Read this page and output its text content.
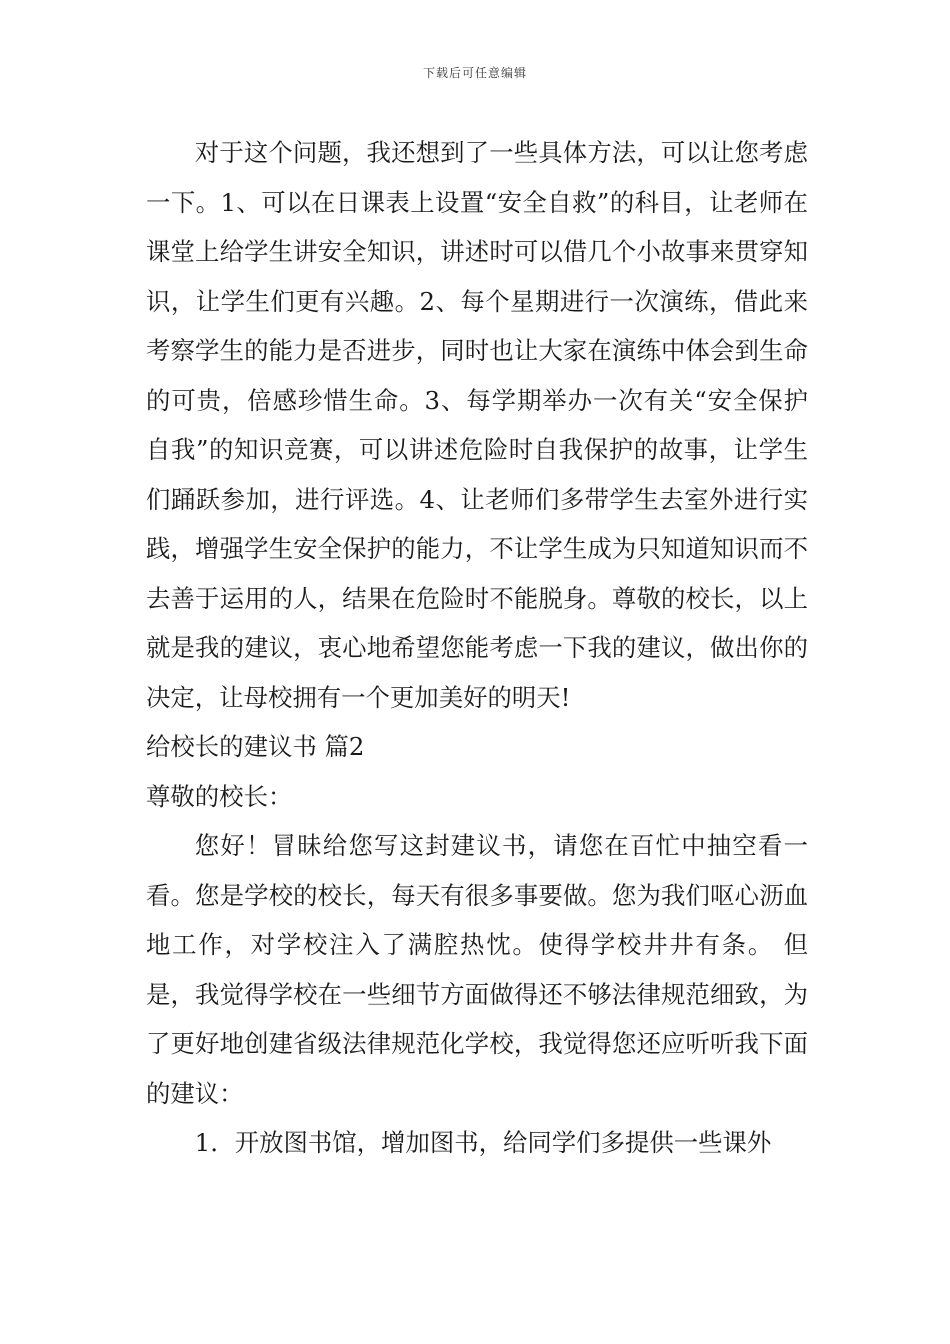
下载后可任意编辑

对于这个问题，我还想到了一些具体方法，可以让您考虑一下。1、可以在日课表上设置“安全自救”的科目，让老师在课堂上给学生讲安全知识，讲述时可以借几个小故事来贯穿知识，让学生们更有兴趣。2、每个星期进行一次演练，借此来考察学生的能力是否进步，同时也让大家在演练中体会到生命的可贵，倍感珍惜生命。3、每学期举办一次有关“安全保护自我”的知识竞赛，可以讲述危险时自我保护的故事，让学生们踊跃参加，进行评选。4、让老师们多带学生去室外进行实践，增强学生安全保护的能力，不让学生成为只知道知识而不去善于运用的人，结果在危险时不能脱身。尊敬的校长，以上就是我的建议，衷心地希望您能考虑一下我的建议，做出你的决定，让母校拥有一个更加美好的明天!

给校长的建议书 篇2

尊敬的校长：

您好！冒昧给您写这封建议书，请您在百忙中抽空看一看。您是学校的校长，每天有很多事要做。您为我们呕心沥血地工作，对学校注入了满腔热忱。使得学校井井有条。 但是，我觉得学校在一些细节方面做得还不够法律规范细致，为了更好地创建省级法律规范化学校，我觉得您还应听听我下面的建议：

1．开放图书馆，增加图书，给同学们多提供一些课外
